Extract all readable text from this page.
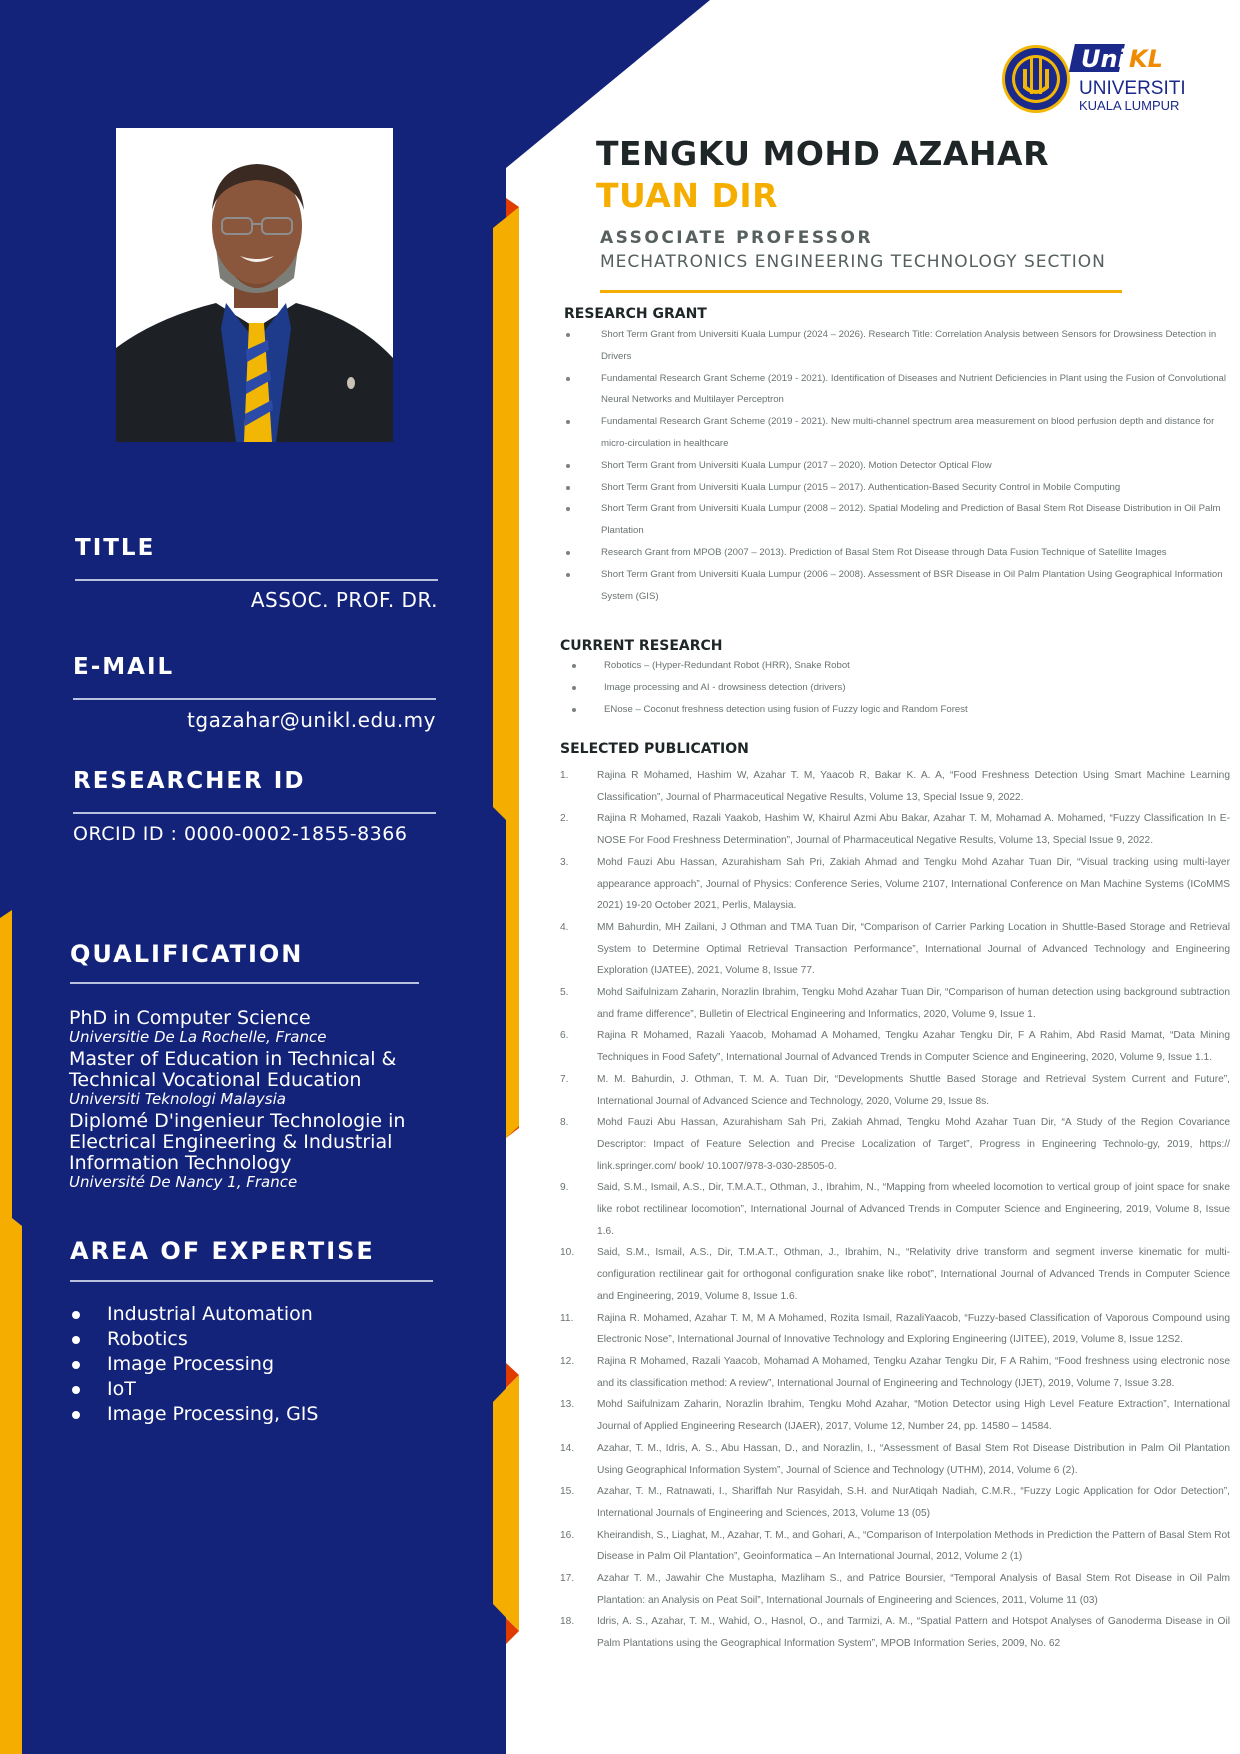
TITLE
ASSOC. PROF. DR.
E-MAIL
tgazahar@unikl.edu.my
RESEARCHER ID
ORCID ID : 0000-0002-1855-8366
QUALIFICATION
PhD in Computer Science
Universitie De La Rochelle, France
Master of Education in Technical & Technical Vocational Education
Universiti Teknologi Malaysia
Diplomé D'ingenieur Technologie in Electrical Engineering & Industrial Information Technology
Université De Nancy 1, France
AREA OF EXPERTISE
Industrial Automation
Robotics
Image Processing
IoT
Image Processing, GIS
Uni KL
UNIVERSITI
KUALA LUMPUR
TENGKU MOHD AZAHAR
TUAN DIR
ASSOCIATE PROFESSOR
MECHATRONICS ENGINEERING TECHNOLOGY SECTION
RESEARCH GRANT
Short Term Grant from Universiti Kuala Lumpur (2024 – 2026). Research Title: Correlation Analysis between Sensors for Drowsiness Detection in Drivers
Fundamental Research Grant Scheme (2019 - 2021). Identification of Diseases and Nutrient Deficiencies in Plant using the Fusion of Convolutional Neural Networks and Multilayer Perceptron
Fundamental Research Grant Scheme (2019 - 2021). New multi-channel spectrum area measurement on blood perfusion depth and distance for micro-circulation in healthcare
Short Term Grant from Universiti Kuala Lumpur (2017 – 2020). Motion Detector Optical Flow
Short Term Grant from Universiti Kuala Lumpur (2015 – 2017). Authentication-Based Security Control in Mobile Computing
Short Term Grant from Universiti Kuala Lumpur (2008 – 2012). Spatial Modeling and Prediction of Basal Stem Rot Disease Distribution in Oil Palm Plantation
Research Grant from MPOB (2007 – 2013). Prediction of Basal Stem Rot Disease through Data Fusion Technique of Satellite Images
Short Term Grant from Universiti Kuala Lumpur (2006 – 2008). Assessment of BSR Disease in Oil Palm Plantation Using Geographical Information System (GIS)
CURRENT RESEARCH
Robotics – (Hyper-Redundant Robot (HRR), Snake Robot
Image processing and AI - drowsiness detection (drivers)
ENose – Coconut freshness detection using fusion of Fuzzy logic and Random Forest
SELECTED PUBLICATION
1.	Rajina R Mohamed, Hashim W, Azahar T. M, Yaacob R, Bakar K. A. A, “Food Freshness Detection Using Smart Machine Learning Classification”, Journal of Pharmaceutical Negative Results, Volume 13, Special Issue 9, 2022.
2.	Rajina R Mohamed, Razali Yaakob, Hashim W, Khairul Azmi Abu Bakar, Azahar T. M, Mohamad A. Mohamed, “Fuzzy Classification In E-NOSE For Food Freshness Determination”, Journal of Pharmaceutical Negative Results, Volume 13, Special Issue 9, 2022.
3.	Mohd Fauzi Abu Hassan, Azurahisham Sah Pri, Zakiah Ahmad and Tengku Mohd Azahar Tuan Dir, “Visual tracking using multi-layer appearance approach”, Journal of Physics: Conference Series, Volume 2107, International Conference on Man Machine Systems (ICoMMS 2021) 19-20 October 2021, Perlis, Malaysia.
4.	MM Bahurdin, MH Zailani, J Othman and TMA Tuan Dir, “Comparison of Carrier Parking Location in Shuttle-Based Storage and Retrieval System to Determine Optimal Retrieval Transaction Performance”, International Journal of Advanced Technology and Engineering Exploration (IJATEE), 2021, Volume 8, Issue 77.
5.	Mohd Saifulnizam Zaharin, Norazlin Ibrahim, Tengku Mohd Azahar Tuan Dir, “Comparison of human detection using background subtraction and frame difference”, Bulletin of Electrical Engineering and Informatics, 2020, Volume 9, Issue 1.
6.	Rajina R Mohamed, Razali Yaacob, Mohamad A Mohamed, Tengku Azahar Tengku Dir, F A Rahim, Abd Rasid Mamat, “Data Mining Techniques in Food Safety”, International Journal of Advanced Trends in Computer Science and Engineering, 2020, Volume 9, Issue 1.1.
7.	M. M. Bahurdin, J. Othman, T. M. A. Tuan Dir, “Developments Shuttle Based Storage and Retrieval System Current and Future”, International Journal of Advanced Science and Technology, 2020, Volume 29, Issue 8s.
8.	Mohd Fauzi Abu Hassan, Azurahisham Sah Pri, Zakiah Ahmad, Tengku Mohd Azahar Tuan Dir, “A Study of the Region Covariance Descriptor: Impact of Feature Selection and Precise Localization of Target”, Progress in Engineering Technolo-gy, 2019, https:// link.springer.com/ book/ 10.1007/978-3-030-28505-0.
9.	Said, S.M., Ismail, A.S., Dir, T.M.A.T., Othman, J., Ibrahim, N., “Mapping from wheeled locomotion to vertical group of joint space for snake like robot rectilinear locomotion”, International Journal of Advanced Trends in Computer Science and Engineering, 2019, Volume 8, Issue 1.6.
10. Said, S.M., Ismail, A.S., Dir, T.M.A.T., Othman, J., Ibrahim, N., “Relativity drive transform and segment inverse kinematic for multi-configuration rectilinear gait for orthogonal configuration snake like robot”, International Journal of Advanced Trends in Computer Science and Engineering, 2019, Volume 8, Issue 1.6.
11. Rajina R. Mohamed, Azahar T. M, M A Mohamed, Rozita Ismail, RazaliYaacob, “Fuzzy-based Classification of Vaporous Compound using Electronic Nose”, International Journal of Innovative Technology and Exploring Engineering (IJITEE), 2019, Volume 8, Issue 12S2.
12. Rajina R Mohamed, Razali Yaacob, Mohamad A Mohamed, Tengku Azahar Tengku Dir, F A Rahim, “Food freshness using electronic nose and its classification method: A review”, International Journal of Engineering and Technology (IJET), 2019, Volume 7, Issue 3.28.
13. Mohd Saifulnizam Zaharin, Norazlin Ibrahim, Tengku Mohd Azahar, “Motion Detector using High Level Feature Extraction”, International Journal of Applied Engineering Research (IJAER), 2017, Volume 12, Number 24, pp. 14580 – 14584.
14. Azahar, T. M., Idris, A. S., Abu Hassan, D., and Norazlin, I., “Assessment of Basal Stem Rot Disease Distribution in Palm Oil Plantation Using Geographical Information System”, Journal of Science and Technology (UTHM), 2014, Volume 6 (2).
15. Azahar, T. M., Ratnawati, I., Shariffah Nur Rasyidah, S.H. and NurAtiqah Nadiah, C.M.R., “Fuzzy Logic Application for Odor Detection”, International Journals of Engineering and Sciences, 2013, Volume 13 (05)
16. Kheirandish, S., Liaghat, M., Azahar, T. M., and Gohari, A., “Comparison of Interpolation Methods in Prediction the Pattern of Basal Stem Rot Disease in Palm Oil Plantation”, Geoinformatica – An International Journal, 2012, Volume 2 (1)
17. Azahar T. M., Jawahir Che Mustapha, Mazliham S., and Patrice Boursier, “Temporal Analysis of Basal Stem Rot Disease in Oil Palm Plantation: an Analysis on Peat Soil”, International Journals of Engineering and Sciences, 2011, Volume 11 (03)
18. Idris, A. S., Azahar, T. M., Wahid, O., Hasnol, O., and Tarmizi, A. M., “Spatial Pattern and Hotspot Analyses of Ganoderma Disease in Oil Palm Plantations using the Geographical Information System”, MPOB Information Series, 2009, No. 62
